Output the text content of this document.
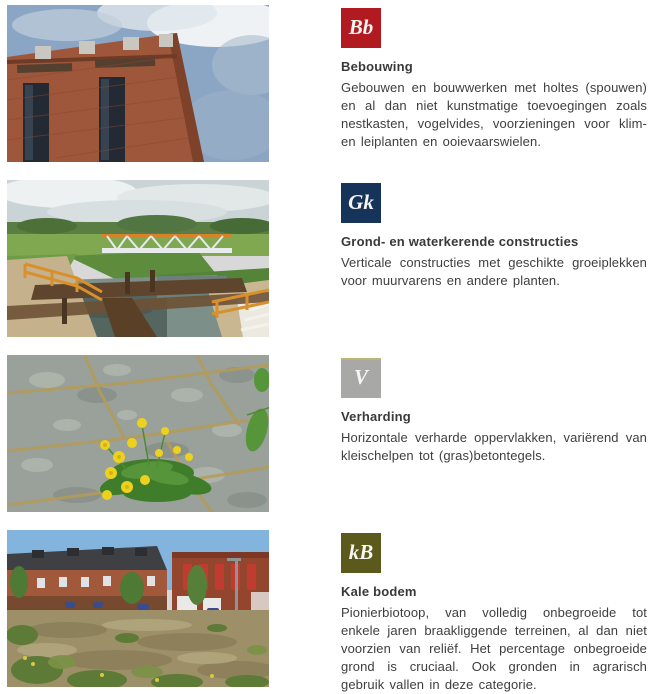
Bb
Bebouwing

Gebouwen en bouwwerken met holtes (spouwen) en al dan niet kunstmatige toevoegingen zoals nestkasten, vogelvides, voorzieningen voor klim- en leiplanten en ooievaarswielen.

Gk
Grond- en waterkerende constructies

Verticale constructies met geschikte groeiplekken voor muurvarens en andere planten.

V
Verharding

Horizontale verharde oppervlakken, variërend van kleischelpen tot (gras)betontegels.

kB
Kale bodem

Pionierbiotoop, van volledig onbegroeide tot enkele jaren braakliggende terreinen, al dan niet voorzien van reliëf. Het percentage onbegroeide grond is cruciaal. Ook gronden in agrarisch gebruik vallen in deze categorie.
